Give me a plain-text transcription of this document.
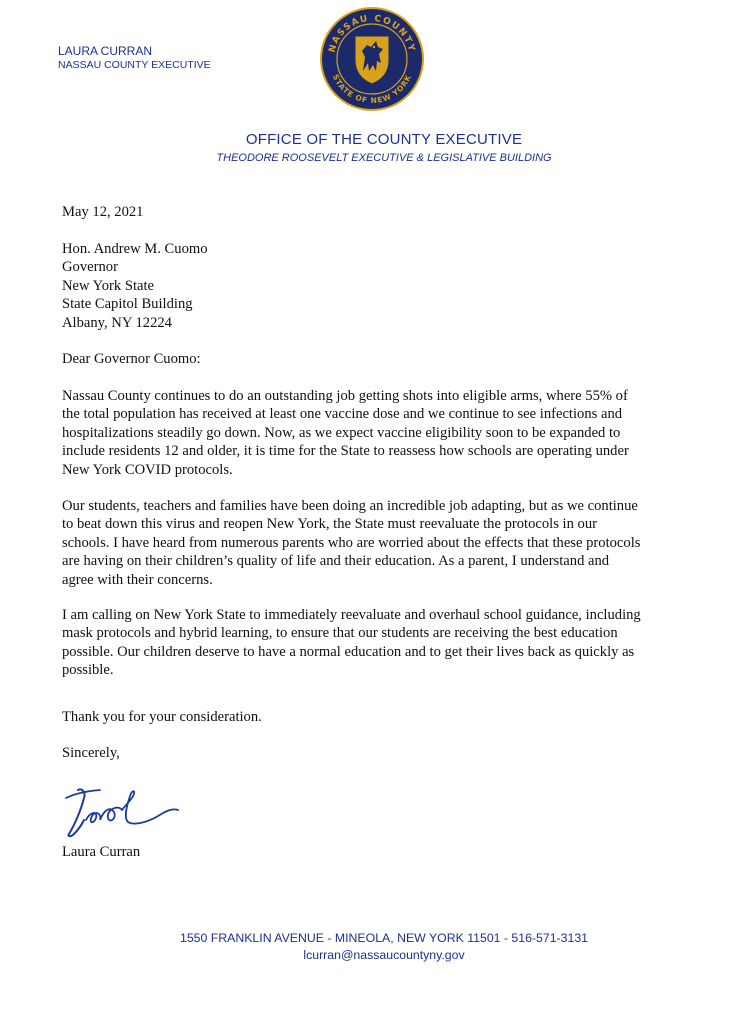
LAURA CURRAN
NASSAU COUNTY EXECUTIVE
NASSAU COUNTY
STATE OF NEW YORK
OFFICE OF THE COUNTY EXECUTIVE
THEODORE ROOSEVELT EXECUTIVE & LEGISLATIVE BUILDING
May 12, 2021
Hon. Andrew M. Cuomo
Governor
New York State
State Capitol Building
Albany, NY 12224
Dear Governor Cuomo:
Nassau County continues to do an outstanding job getting shots into eligible arms, where 55% of
the total population has received at least one vaccine dose and we continue to see infections and
hospitalizations steadily go down. Now, as we expect vaccine eligibility soon to be expanded to
include residents 12 and older, it is time for the State to reassess how schools are operating under
New York COVID protocols.
Our students, teachers and families have been doing an incredible job adapting, but as we continue
to beat down this virus and reopen New York, the State must reevaluate the protocols in our
schools. I have heard from numerous parents who are worried about the effects that these protocols
are having on their children’s quality of life and their education. As a parent, I understand and
agree with their concerns.
I am calling on New York State to immediately reevaluate and overhaul school guidance, including
mask protocols and hybrid learning, to ensure that our students are receiving the best education
possible. Our children deserve to have a normal education and to get their lives back as quickly as
possible.
Thank you for your consideration.
Sincerely,
Laura Curran
1550 FRANKLIN AVENUE - MINEOLA, NEW YORK 11501 - 516-571-3131
lcurran@nassaucountyny.gov
